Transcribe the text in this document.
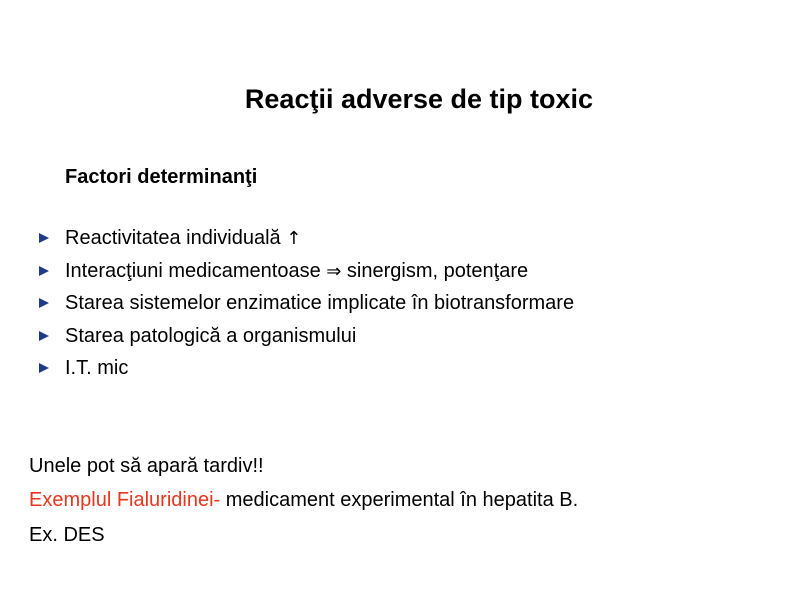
Reacţii adverse de tip toxic
Factori determinanţi
Reactivitatea individuală ↑
Interacţiuni medicamentoase ⇒ sinergism, potenţare
Starea sistemelor enzimatice implicate în biotransformare
Starea patologică a organismului
I.T. mic
Unele pot să apară tardiv!!
Exemplul Fialuridinei- medicament experimental în hepatita B.
Ex. DES
